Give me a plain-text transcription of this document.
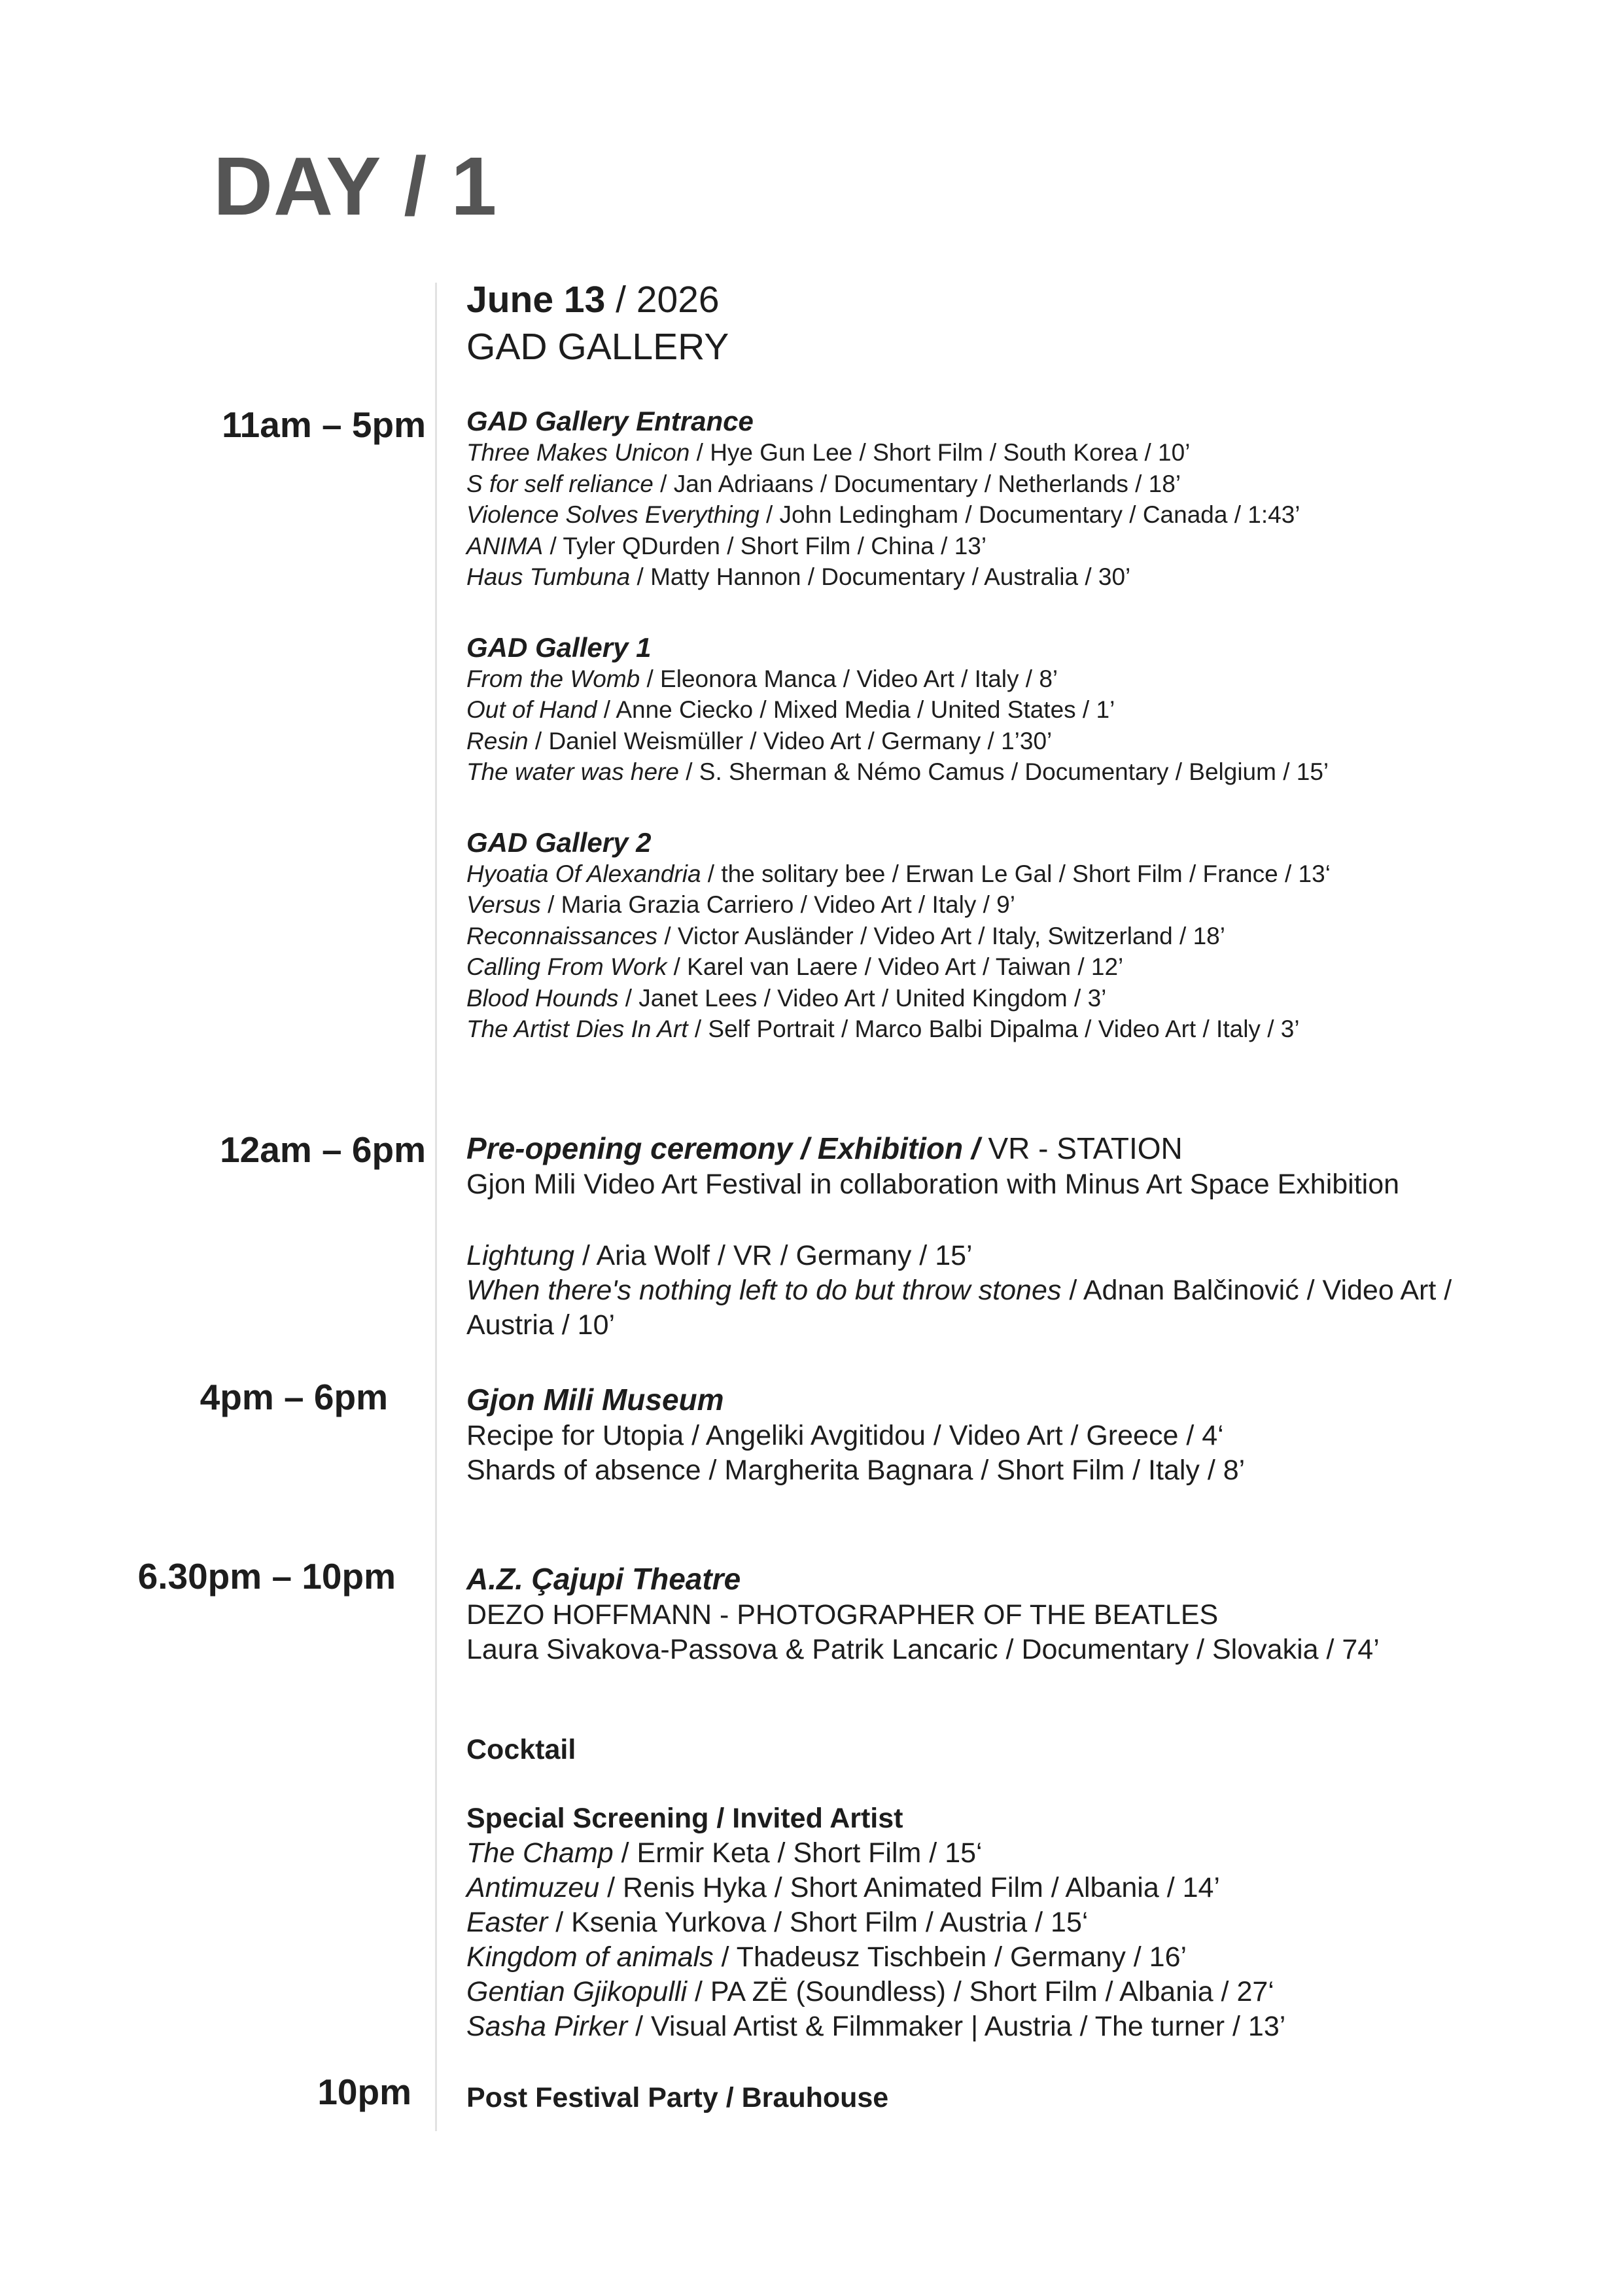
DAY / 1
June 13 / 2026
GAD GALLERY
11am – 5pm GAD Gallery Entrance

Three Makes Unicon / Hye Gun Lee / Short Film / South Korea / 10’

S for self reliance / Jan Adriaans / Documentary / Netherlands / 18’

Violence Solves Everything / John Ledingham / Documentary / Canada / 1:43’

ANIMA / Tyler QDurden / Short Film / China / 13’

Haus Tumbuna / Matty Hannon / Documentary / Australia / 30’

GAD Gallery 1

From the Womb / Eleonora Manca / Video Art / Italy / 8’

Out of Hand / Anne Ciecko / Mixed Media / United States / 1’

Resin / Daniel Weismüller / Video Art / Germany / 1’30’

The water was here / S. Sherman & Némo Camus / Documentary / Belgium / 15’

GAD Gallery 2

Hyoatia Of Alexandria / the solitary bee / Erwan Le Gal / Short Film / France / 13‘

Versus / Maria Grazia Carriero / Video Art / Italy / 9’

Reconnaissances / Victor Ausländer / Video Art / Italy, Switzerland / 18’

Calling From Work / Karel van Laere / Video Art / Taiwan / 12’

Blood Hounds / Janet Lees / Video Art / United Kingdom / 3’

The Artist Dies In Art / Self Portrait / Marco Balbi Dipalma / Video Art / Italy / 3’

12am – 6pm Pre-opening ceremony / Exhibition / VR - STATION

Gjon Mili Video Art Festival in collaboration with Minus Art Space Exhibition

Lightung / Aria Wolf / VR / Germany / 15’

When there's nothing left to do but throw stones / Adnan Balčinović / Video Art /

Austria / 10’

4pm – 6pm	Gjon Mili Museum

Recipe for Utopia / Angeliki Avgitidou / Video Art / Greece / 4‘

Shards of absence / Margherita Bagnara / Short Film / Italy / 8’

6.30pm – 10pm A.Z. Çajupi Theatre

DEZO HOFFMANN - PHOTOGRAPHER OF THE BEATLES

Laura Sivakova-Passova & Patrik Lancaric / Documentary / Slovakia / 74’

Cocktail

Special Screening / Invited Artist

The Champ / Ermir Keta / Short Film / 15‘

Antimuzeu / Renis Hyka / Short Animated Film / Albania / 14’

Easter / Ksenia Yurkova / Short Film / Austria / 15‘

Kingdom of animals / Thadeusz Tischbein / Germany / 16’

Gentian Gjikopulli / PA ZË (Soundless) / Short Film / Albania / 27‘

Sasha Pirker / Visual Artist & Filmmaker | Austria / The turner / 13’

10pm Post Festival Party / Brauhouse
